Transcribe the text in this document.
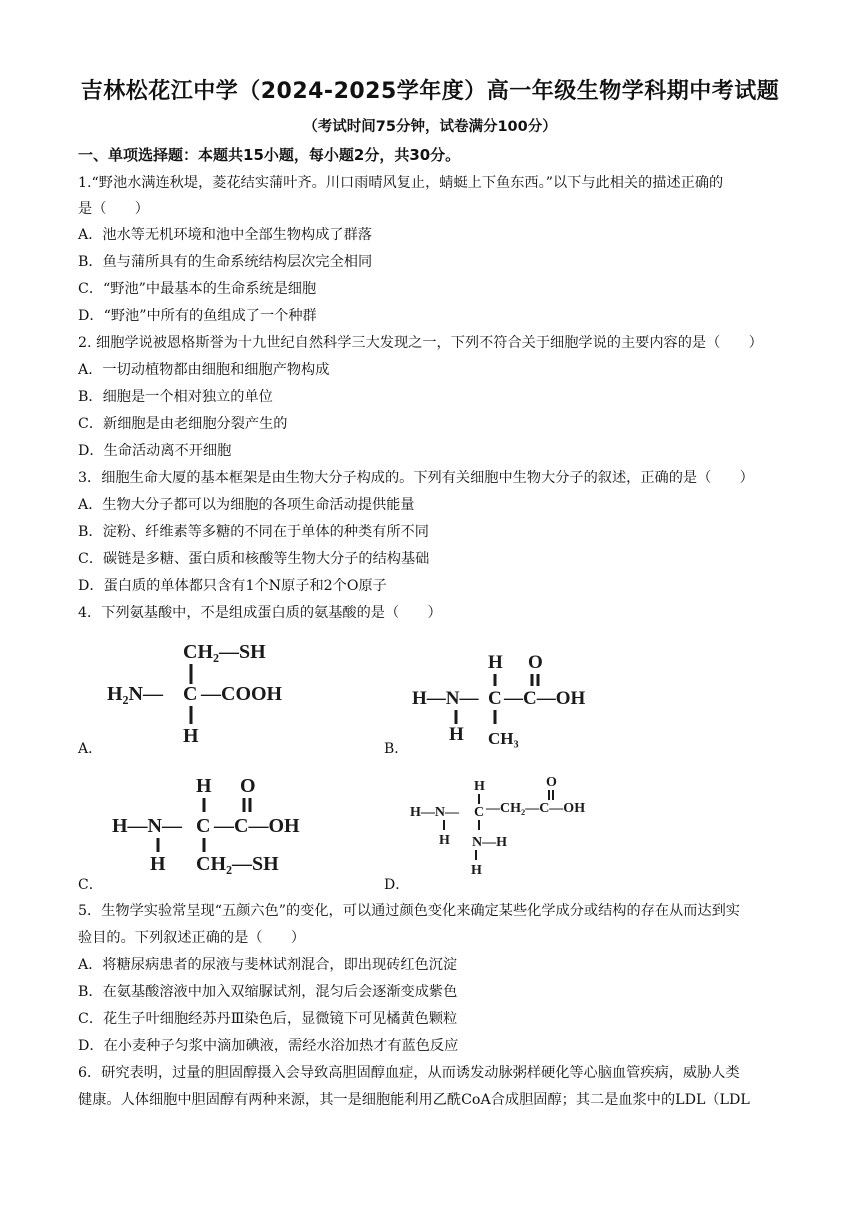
吉林松花江中学（2024-2025学年度）高一年级生物学科期中考试题
（考试时间75分钟，试卷满分100分）
一、单项选择题：本题共15小题，每小题2分，共30分。
1.“野池水满连秋堤，菱花结实蒲叶齐。川口雨晴风复止，蜻蜓上下鱼东西。”以下与此相关的描述正确的
是（　　）
A．池水等无机环境和池中全部生物构成了群落
B．鱼与蒲所具有的生命系统结构层次完全相同
C．“野池”中最基本的生命系统是细胞
D．“野池”中所有的鱼组成了一个种群
2. 细胞学说被恩格斯誉为十九世纪自然科学三大发现之一，下列不符合关于细胞学说的主要内容的是（　　）
A．一切动植物都由细胞和细胞产物构成
B．细胞是一个相对独立的单位
C．新细胞是由老细胞分裂产生的
D．生命活动离不开细胞
3．细胞生命大厦的基本框架是由生物大分子构成的。下列有关细胞中生物大分子的叙述，正确的是（　　）
A．生物大分子都可以为细胞的各项生命活动提供能量
B．淀粉、纤维素等多糖的不同在于单体的种类有所不同
C．碳链是多糖、蛋白质和核酸等生物大分子的结构基础
D．蛋白质的单体都只含有1个N原子和2个O原子
4．下列氨基酸中，不是组成蛋白质的氨基酸的是（　　）
CH₂—SH
H₂N— C —COOH
H
A．
H O
H—N— C —C—OH
H CH₃
B．
H O
H—N— C —C—OH
H CH₂—SH
C．
H	O
H—N— C —CH₂—C—OH
H N—H
H
D．
5．生物学实验常呈现“五颜六色”的变化，可以通过颜色变化来确定某些化学成分或结构的存在从而达到实
验目的。下列叙述正确的是（　　）
A．将糖尿病患者的尿液与斐林试剂混合，即出现砖红色沉淀
B．在氨基酸溶液中加入双缩脲试剂，混匀后会逐渐变成紫色
C．花生子叶细胞经苏丹Ⅲ染色后，显微镜下可见橘黄色颗粒
D．在小麦种子匀浆中滴加碘液，需经水浴加热才有蓝色反应
6．研究表明，过量的胆固醇摄入会导致高胆固醇血症，从而诱发动脉粥样硬化等心脑血管疾病，威胁人类
健康。人体细胞中胆固醇有两种来源，其一是细胞能利用乙酰CoA合成胆固醇；其二是血浆中的LDL（LDL
